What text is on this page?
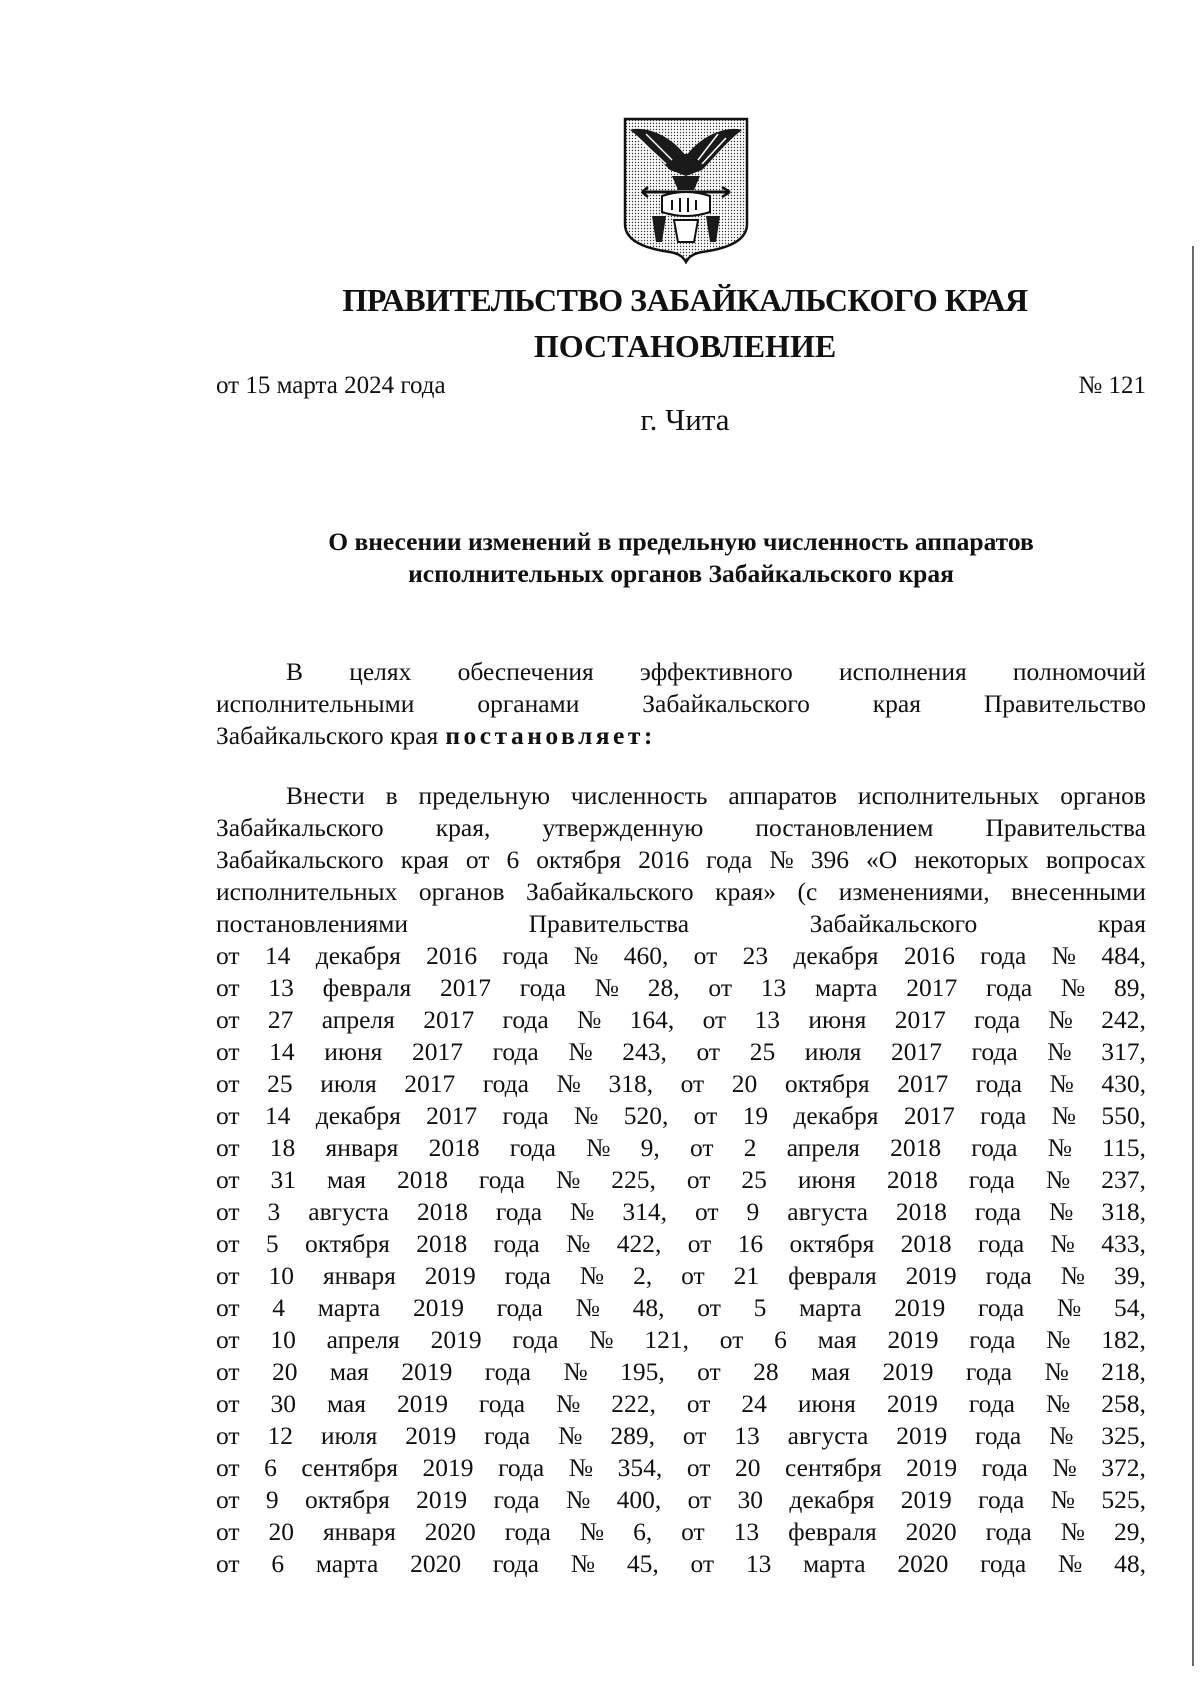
ПРАВИТЕЛЬСТВО ЗАБАЙКАЛЬСКОГО КРАЯ
ПОСТАНОВЛЕНИЕ
от 15 марта 2024 года	№ 121
г. Чита
О внесении изменений в предельную численность аппаратов
исполнительных органов Забайкальского края
В целях обеспечения эффективного исполнения полномочий
исполнительными органами Забайкальского края Правительство
Забайкальского края постановляет:
Внести в предельную численность аппаратов исполнительных органов
Забайкальского края, утвержденную постановлением Правительства
Забайкальского края от 6 октября 2016 года № 396 «О некоторых вопросах
исполнительных органов Забайкальского края» (с изменениями, внесенными
постановлениями	Правительства	Забайкальского	края
от 14 декабря 2016 года № 460, от 23 декабря 2016 года № 484,
от 13 февраля 2017 года № 28, от 13 марта 2017 года № 89,
от 27 апреля 2017 года № 164, от 13 июня 2017 года № 242,
от 14 июня 2017 года № 243, от 25 июля 2017 года № 317,
от 25 июля 2017 года № 318, от 20 октября 2017 года № 430,
от 14 декабря 2017 года № 520, от 19 декабря 2017 года № 550,
от 18 января 2018 года № 9, от 2 апреля 2018 года № 115,
от 31 мая 2018 года № 225, от 25 июня 2018 года № 237,
от 3 августа 2018 года № 314, от 9 августа 2018 года № 318,
от 5 октября 2018 года № 422, от 16 октября 2018 года № 433,
от 10 января 2019 года № 2, от 21 февраля 2019 года № 39,
от 4 марта 2019 года № 48, от 5 марта 2019 года № 54,
от 10 апреля 2019 года № 121, от 6 мая 2019 года № 182,
от 20 мая 2019 года № 195, от 28 мая 2019 года № 218,
от 30 мая 2019 года № 222, от 24 июня 2019 года № 258,
от 12 июля 2019 года № 289, от 13 августа 2019 года № 325,
от 6 сентября 2019 года № 354, от 20 сентября 2019 года № 372,
от 9 октября 2019 года № 400, от 30 декабря 2019 года № 525,
от 20 января 2020 года № 6, от 13 февраля 2020 года № 29,
от 6 марта 2020 года № 45, от 13 марта 2020 года № 48,
